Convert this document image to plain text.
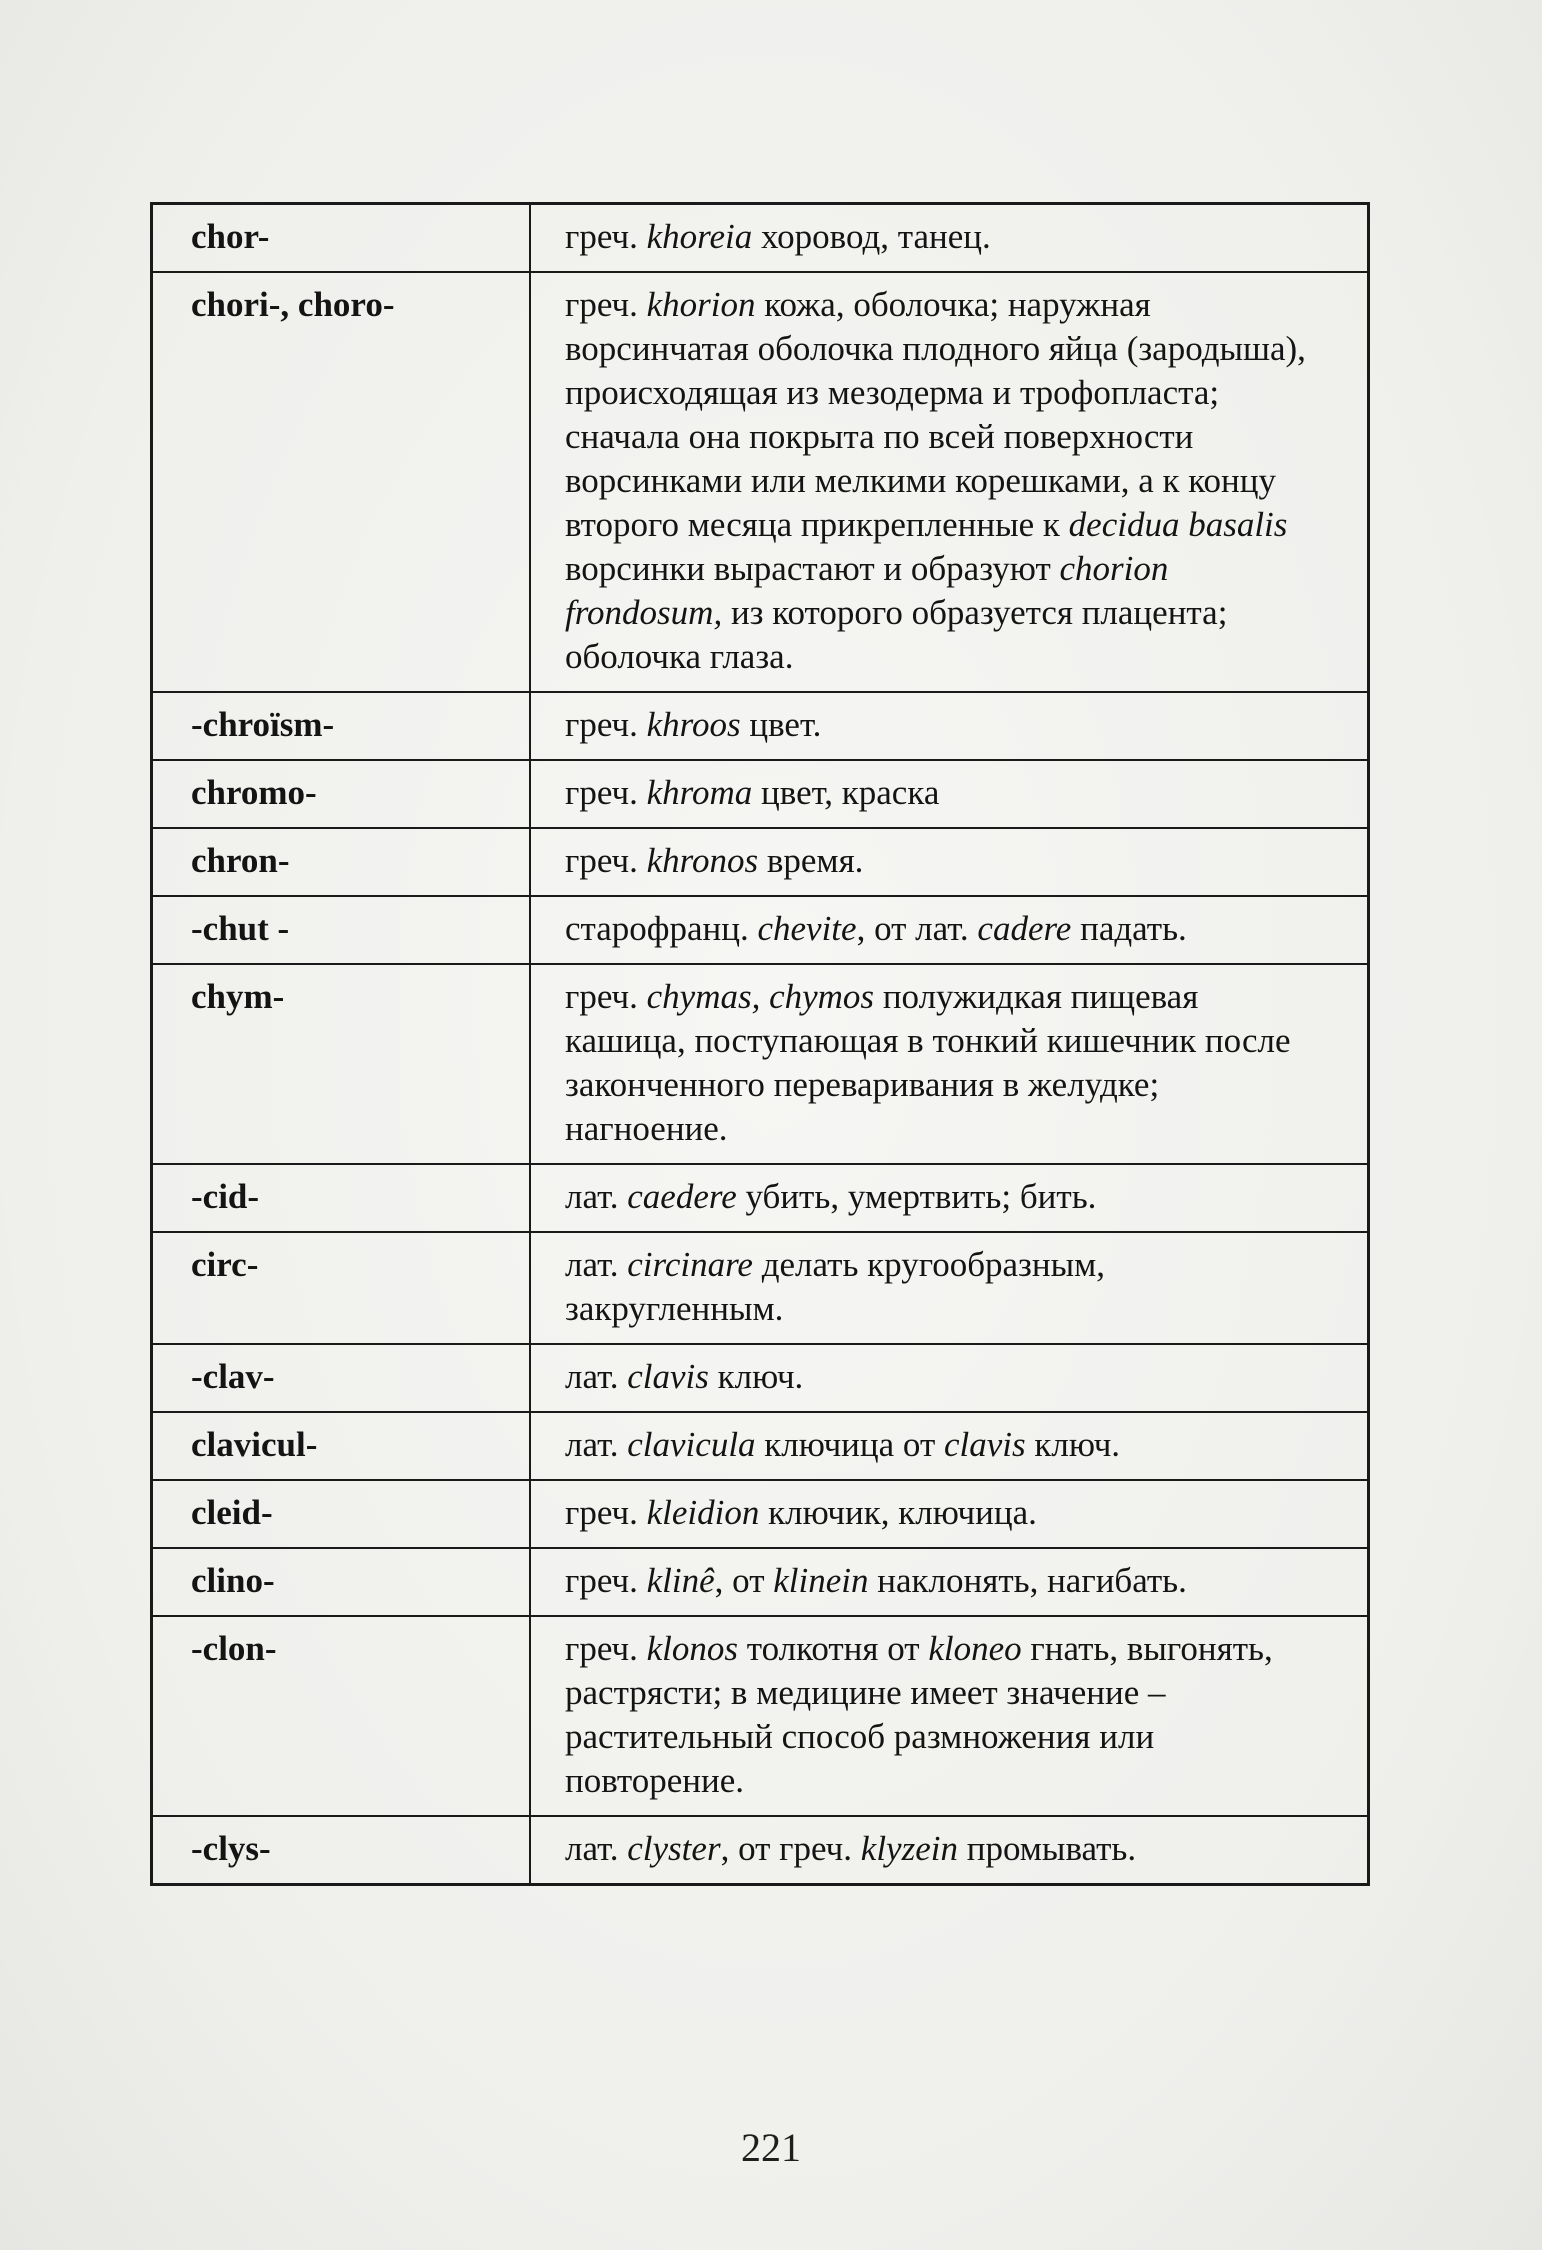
chor-	греч. khoreia хоровод, танец.
chori-, choro-	греч. khorion кожа, оболочка; наружная ворсинчатая оболочка плодного яйца (зародыша), происходящая из мезодерма и трофопласта; сначала она покрыта по всей поверхности ворсинками или мелкими корешками, а к концу второго месяца прикрепленные к decidua basalis ворсинки вырастают и образуют chorion frondosum, из которого образуется плацента; оболочка глаза.
-chroïsm-	греч. khroos цвет.
chromo-	греч. khroma цвет, краска
chron-	греч. khronos время.
-chut -	старофранц. chevite, от лат. cadere падать.
chym-	греч. chymas, chymos полужидкая пищевая кашица, поступающая в тонкий кишечник после законченного переваривания в желудке; нагноение.
-cid-	лат. caedere убить, умертвить; бить.
circ-	лат. circinare делать кругообразным, закругленным.
-clav-	лат. clavis ключ.
clavicul-	лат. clavicula ключица от clavis ключ.
cleid-	греч. kleidion ключик, ключица.
clino-	греч. klinê, от klinein наклонять, нагибать.
-clon-	греч. klonos толкотня от kloneo гнать, выгонять, растрясти; в медицине имеет значение – растительный способ размножения или повторение.
-clys-	лат. clyster, от греч. klyzein промывать.
221
